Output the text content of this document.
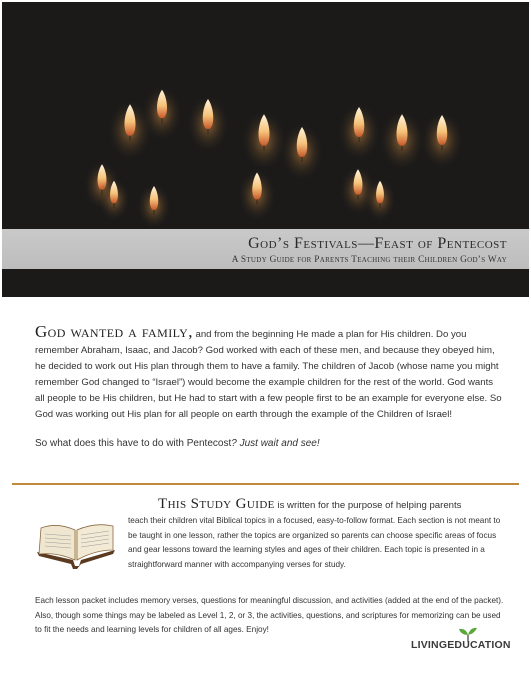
God’s Festivals—Feast of Pentecost
A Study Guide for Parents Teaching their Children God’s Way

God wanted a family, and from the beginning He made a plan for His children. Do you remember Abraham, Isaac, and Jacob? God worked with each of these men, and because they obeyed him, he decided to work out His plan through them to have a family. The children of Jacob (whose name you might remember God changed to “Israel”) would become the example children for the rest of the world. God wants all people to be His children, but He had to start with a few people first to be an example for everyone else. So God was working out His plan for all people on earth through the example of the Children of Israel!

So what does this have to do with Pentecost? Just wait and see!
This Study Guide is written for the purpose of helping parents
teach their children vital Biblical topics in a focused, easy-to-follow format. Each section is not meant to be taught in one lesson, rather the topics are organized so parents can choose specific areas of focus and gear lessons toward the learning styles and ages of their children. Each topic is presented in a straightforward manner with accompanying verses for study.
Each lesson packet includes memory verses, questions for meaningful discussion, and activities (added at the end of the packet). Also, though some things may be labeled as Level 1, 2, or 3, the activities, questions, and scriptures for memorizing can be used to fit the needs and learning levels for children of all ages. Enjoy!
LIVINGEDUCATION
